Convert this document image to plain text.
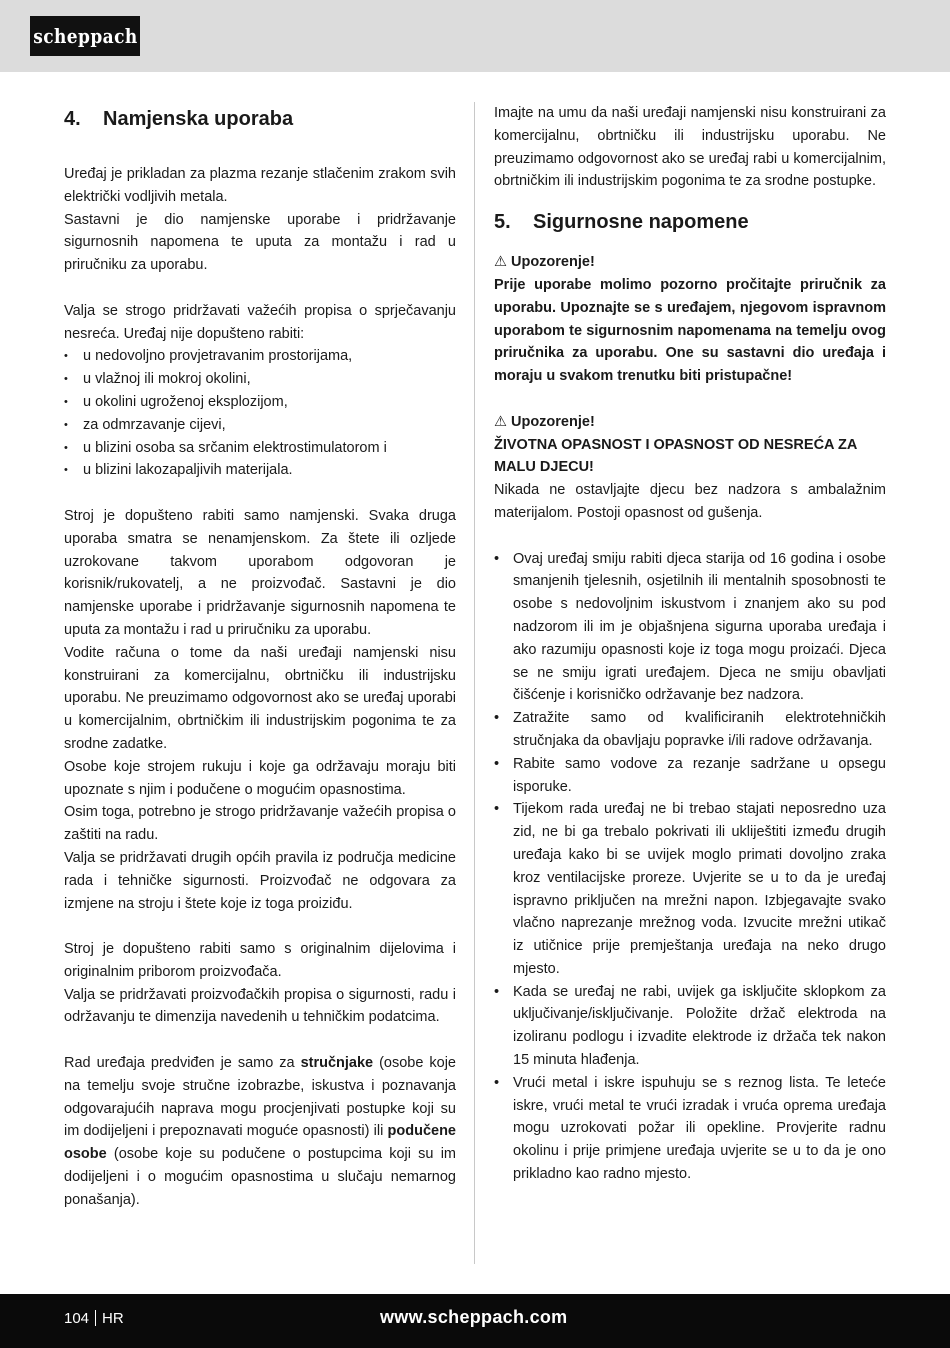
scheppach
4.	Namjenska uporaba

Uređaj je prikladan za plazma rezanje stlačenim zrakom svih električki vodljivih metala.

Sastavni je dio namjenske uporabe i pridržavanje sigurnosnih napomena te uputa za montažu i rad u priručniku za uporabu.

Valja se strogo pridržavati važećih propisa o sprječavanju nesreća. Uređaj nije dopušteno rabiti:

• u nedovoljno provjetravanim prostorijama,
• u vlažnoj ili mokroj okolini,
• u okolini ugroženoj eksplozijom,
• za odmrzavanje cijevi,
• u blizini osoba sa srčanim elektrostimulatorom i
• u blizini lakozapaljivih materijala.

Stroj je dopušteno rabiti samo namjenski. Svaka druga uporaba smatra se nenamjenskom. Za štete ili ozljede uzrokovane takvom uporabom odgovoran je korisnik/rukovatelj, a ne proizvođač. Sastavni je dio namjenske uporabe i pridržavanje sigurnosnih napomena te uputa za montažu i rad u priručniku za uporabu.

Vodite računa o tome da naši uređaji namjenski nisu konstruirani za komercijalnu, obrtničku ili industrijsku uporabu. Ne preuzimamo odgovornost ako se uređaj uporabi u komercijalnim, obrtničkim ili industrijskim pogonima te za srodne zadatke.

Osobe koje strojem rukuju i koje ga održavaju moraju biti upoznate s njim i podučene o mogućim opasnostima.

Osim toga, potrebno je strogo pridržavanje važećih propisa o zaštiti na radu.

Valja se pridržavati drugih općih pravila iz područja medicine rada i tehničke sigurnosti. Proizvođač ne odgovara za izmjene na stroju i štete koje iz toga proiziđu.

Stroj je dopušteno rabiti samo s originalnim dijelovima i originalnim priborom proizvođača.

Valja se pridržavati proizvođačkih propisa o sigurnosti, radu i održavanju te dimenzija navedenih u tehničkim podatcima.

Rad uređaja predviđen je samo za stručnjake (osobe koje na temelju svoje stručne izobrazbe, iskustva i poznavanja odgovarajućih naprava mogu procjenjivati postupke koji su im dodijeljeni i prepoznavati moguće opasnosti) ili podučene osobe (osobe koje su podučene o postupcima koji su im dodijeljeni i o mogućim opasnostima u slučaju nemarnog ponašanja).

Imajte na umu da naši uređaji namjenski nisu konstruirani za komercijalnu, obrtničku ili industrijsku uporabu. Ne preuzimamo odgovornost ako se uređaj rabi u komercijalnim, obrtničkim ili industrijskim pogonima te za srodne postupke.

5.	Sigurnosne napomene

⚠ Upozorenje!

Prije uporabe molimo pozorno pročitajte priručnik za uporabu. Upoznajte se s uređajem, njegovom ispravnom uporabom te sigurnosnim napomenama na temelju ovog priručnika za uporabu. One su sastavni dio uređaja i moraju u svakom trenutku biti pristupačne!

⚠ Upozorenje!

ŽIVOTNA OPASNOST I OPASNOST OD NESREĆA ZA MALU DJECU!

Nikada ne ostavljajte djecu bez nadzora s ambalažnim materijalom. Postoji opasnost od gušenja.

• Ovaj uređaj smiju rabiti djeca starija od 16 godina i osobe smanjenih tjelesnih, osjetilnih ili mentalnih sposobnosti te osobe s nedovoljnim iskustvom i znanjem ako su pod nadzorom ili im je objašnjena sigurna uporaba uređaja i ako razumiju opasnosti koje iz toga mogu proizaći. Djeca se ne smiju igrati uređajem. Djeca ne smiju obavljati čišćenje i korisničko održavanje bez nadzora.
• Zatražite samo od kvalificiranih elektrotehničkih stručnjaka da obavljaju popravke i/ili radove održavanja.
• Rabite samo vodove za rezanje sadržane u opsegu isporuke.
• Tijekom rada uređaj ne bi trebao stajati neposredno uza zid, ne bi ga trebalo pokrivati ili ukliještiti između drugih uređaja kako bi se uvijek moglo primati dovoljno zraka kroz ventilacijske proreze. Uvjerite se u to da je uređaj ispravno priključen na mrežni napon. Izbjegavajte svako vlačno naprezanje mrežnog voda. Izvucite mrežni utikač iz utičnice prije premještanja uređaja na neko drugo mjesto.
• Kada se uređaj ne rabi, uvijek ga isključite sklopkom za uključivanje/isključivanje. Položite držač elektroda na izoliranu podlogu i izvadite elektrode iz držača tek nakon 15 minuta hlađenja.
• Vrući metal i iskre ispuhuju se s reznog lista. Te leteće iskre, vrući metal te vrući izradak i vruća oprema uređaja mogu uzrokovati požar ili opekline. Provjerite radnu okolinu i prije primjene uređaja uvjerite se u to da je ono prikladno kao radno mjesto.
104 HR	www.scheppach.com
